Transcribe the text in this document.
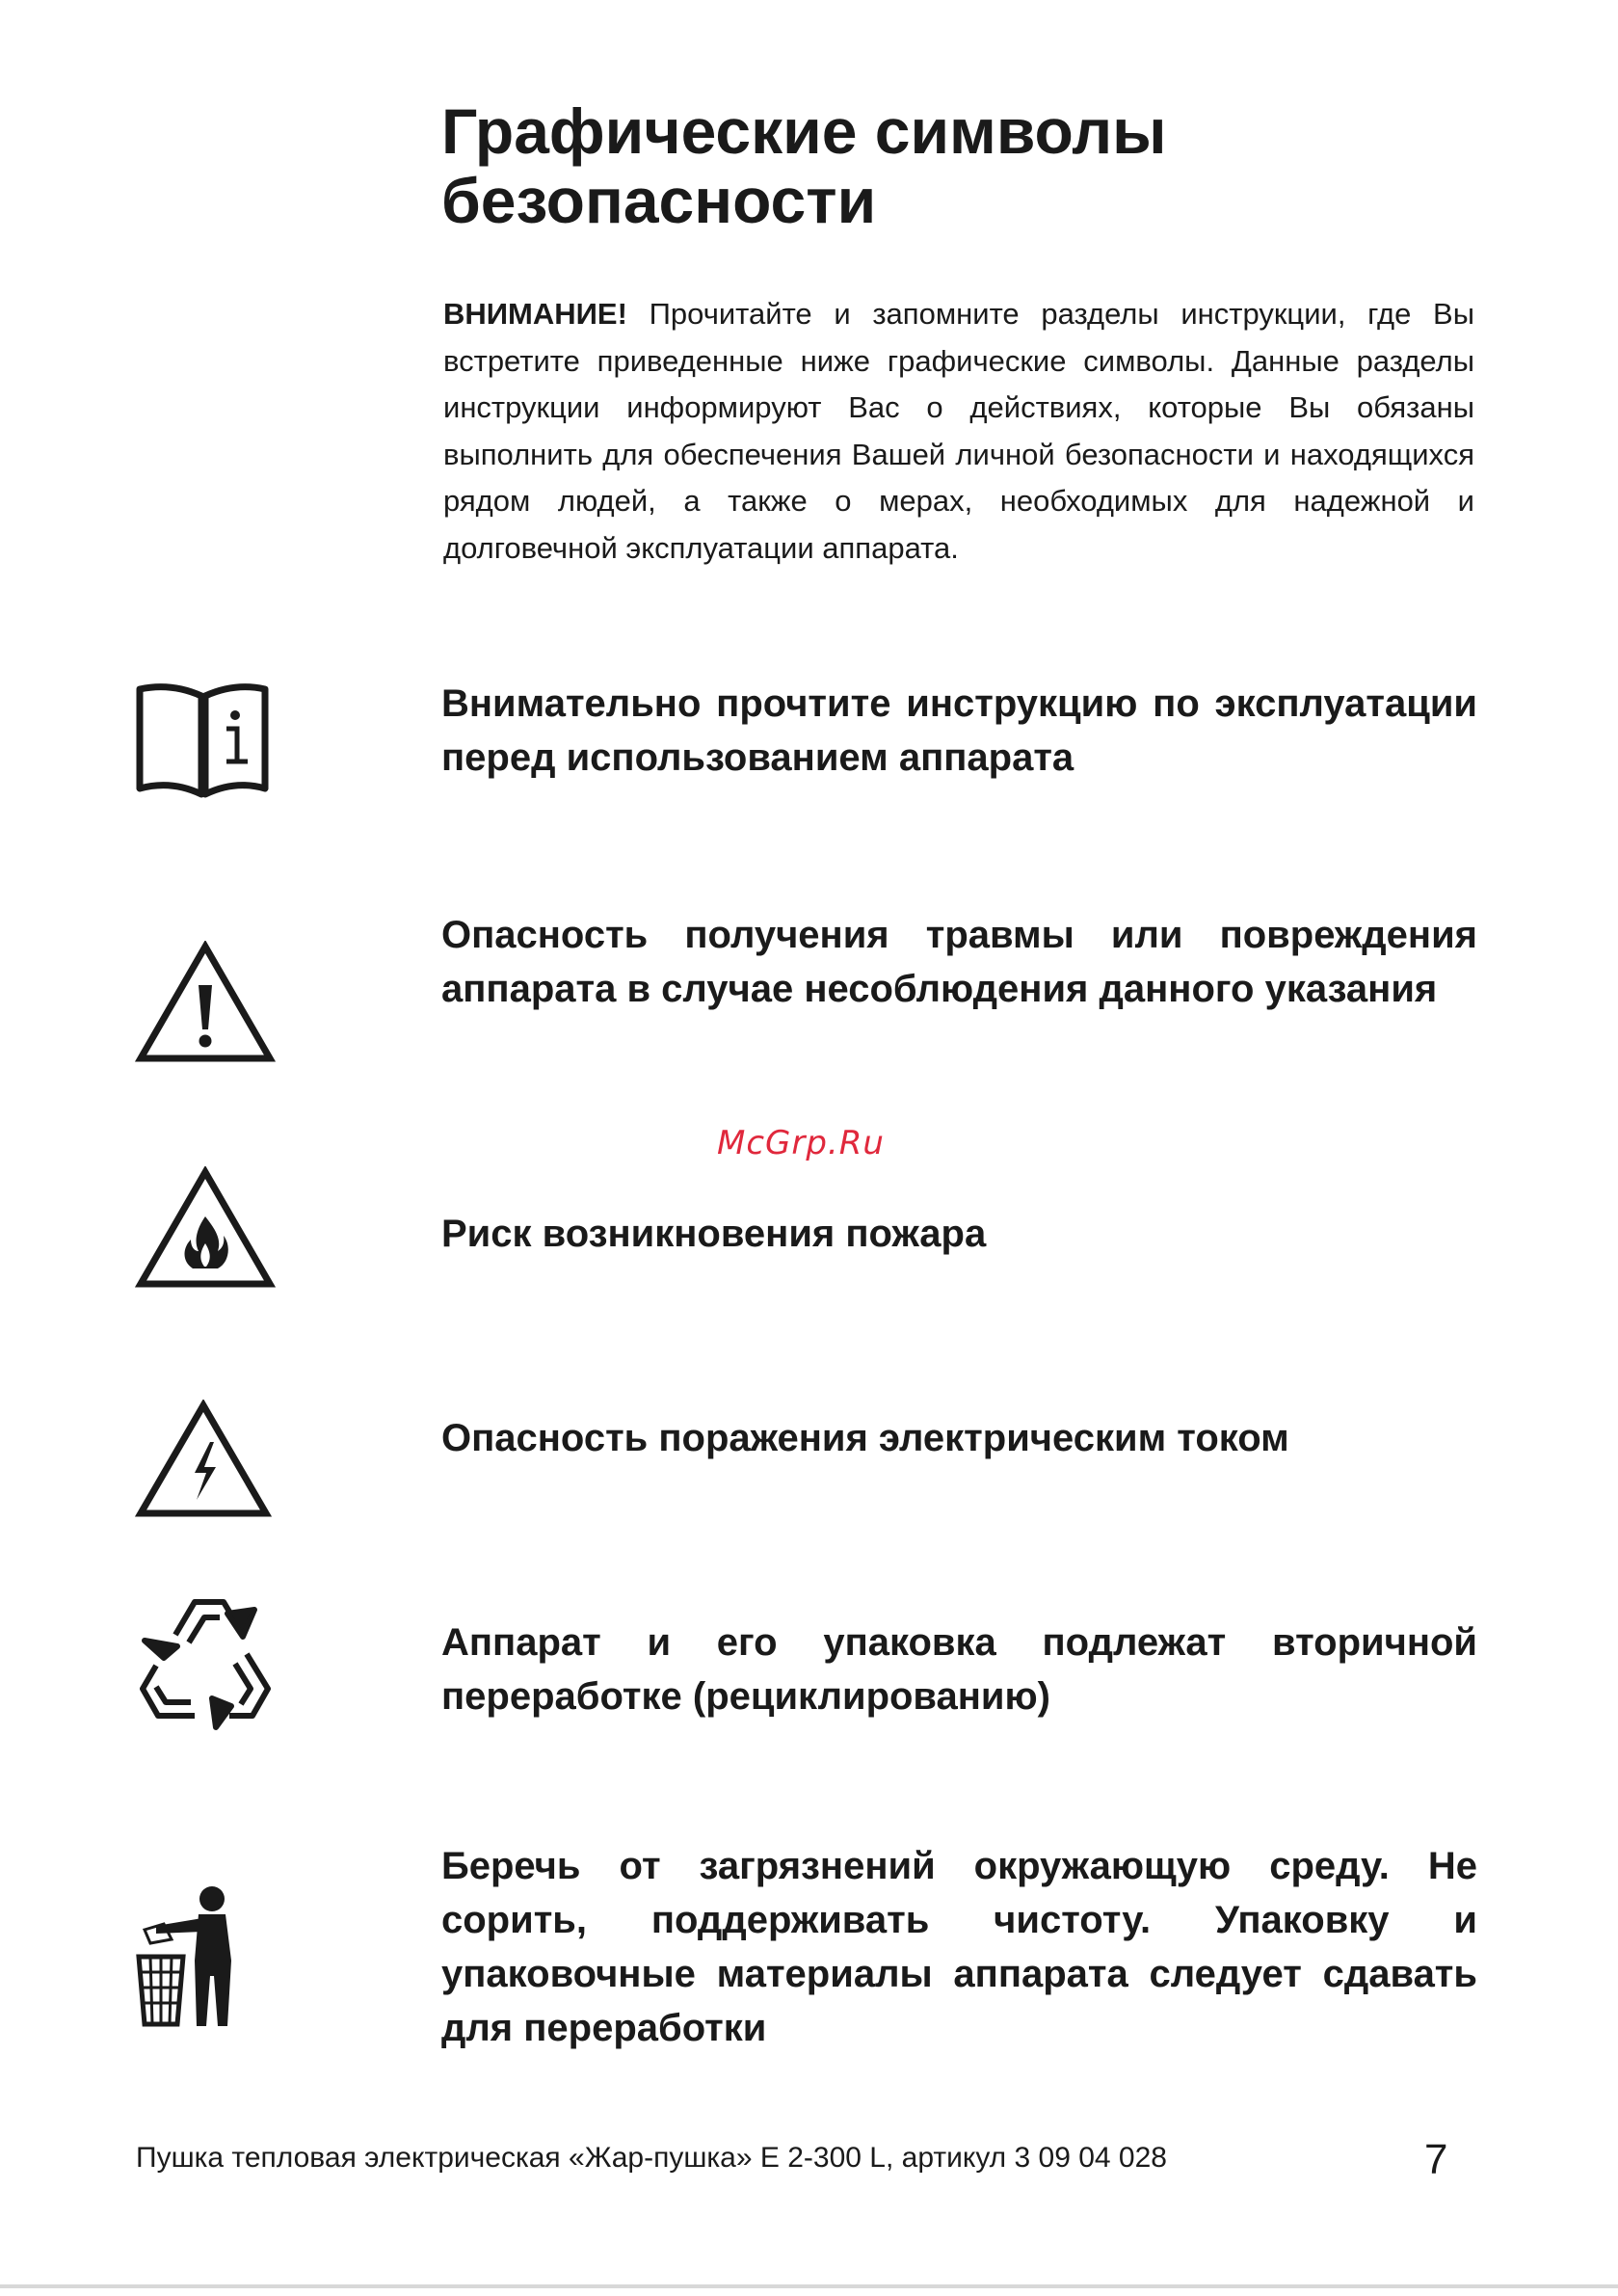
Графические символы
безопасности
ВНИМАНИЕ! Прочитайте и запомните разделы инструкции, где Вы встретите приведенные ниже графические символы. Данные разделы инструкции информируют Вас о действиях, которые Вы обязаны выполнить для обеспечения Вашей личной безопасности и находящихся рядом людей, а также о мерах, необходимых для надежной и долговечной эксплуатации аппарата.
Внимательно прочтите инструкцию по эксплуатации перед использованием аппарата
Опасность получения травмы или повреждения аппарата в случае несоблюдения данного указания
McGrp.Ru
Риск возникновения пожара
Опасность поражения электрическим током
Аппарат и его упаковка подлежат вторичной переработке (рециклированию)
Беречь от загрязнений окружающую среду. Не сорить, поддерживать чистоту. Упаковку и упаковочные материалы аппарата следует сдавать для переработки
Пушка тепловая электрическая «Жар-пушка» Е 2-300 L, артикул 3 09 04 028	7
